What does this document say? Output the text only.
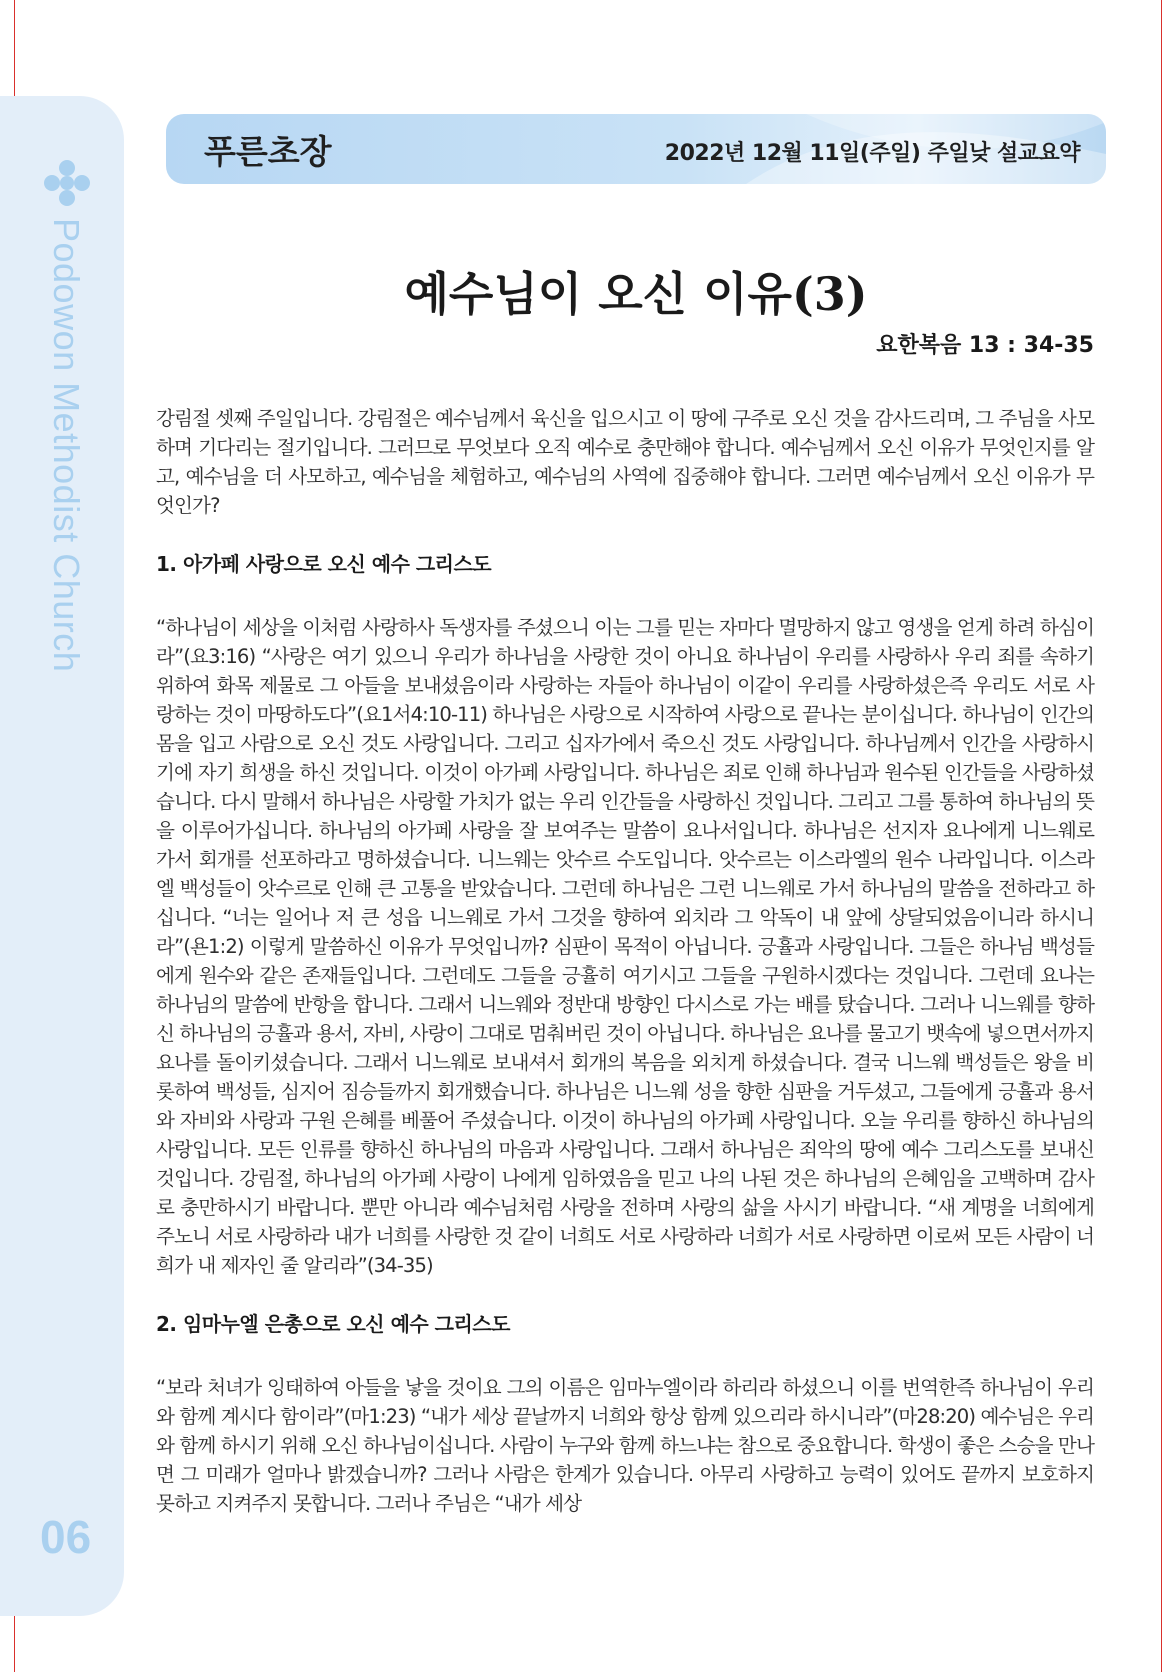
Podowon Methodist Church
06
푸른초장	2022년 12월 11일(주일) 주일낮 설교요약
예수님이 오신 이유(3)
요한복음 13 : 34-35

강림절 셋째 주일입니다. 강림절은 예수님께서 육신을 입으시고 이 땅에 구주로 오신 것을 감사드리며, 그 주님을 사모하며 기다리는 절기입니다. 그러므로 무엇보다 오직 예수로 충만해야 합니다. 예수님께서 오신 이유가 무엇인지를 알고, 예수님을 더 사모하고, 예수님을 체험하고, 예수님의 사역에 집중해야 합니다. 그러면 예수님께서 오신 이유가 무엇인가?

1. 아가페 사랑으로 오신 예수 그리스도

“하나님이 세상을 이처럼 사랑하사 독생자를 주셨으니 이는 그를 믿는 자마다 멸망하지 않고 영생을 얻게 하려 하심이라”(요3:16) “사랑은 여기 있으니 우리가 하나님을 사랑한 것이 아니요 하나님이 우리를 사랑하사 우리 죄를 속하기 위하여 화목 제물로 그 아들을 보내셨음이라 사랑하는 자들아 하나님이 이같이 우리를 사랑하셨은즉 우리도 서로 사랑하는 것이 마땅하도다”(요1서4:10-11) 하나님은 사랑으로 시작하여 사랑으로 끝나는 분이십니다. 하나님이 인간의 몸을 입고 사람으로 오신 것도 사랑입니다. 그리고 십자가에서 죽으신 것도 사랑입니다. 하나님께서 인간을 사랑하시기에 자기 희생을 하신 것입니다. 이것이 아가페 사랑입니다. 하나님은 죄로 인해 하나님과 원수된 인간들을 사랑하셨습니다. 다시 말해서 하나님은 사랑할 가치가 없는 우리 인간들을 사랑하신 것입니다. 그리고 그를 통하여 하나님의 뜻을 이루어가십니다. 하나님의 아가페 사랑을 잘 보여주는 말씀이 요나서입니다. 하나님은 선지자 요나에게 니느웨로 가서 회개를 선포하라고 명하셨습니다. 니느웨는 앗수르 수도입니다. 앗수르는 이스라엘의 원수 나라입니다. 이스라엘 백성들이 앗수르로 인해 큰 고통을 받았습니다. 그런데 하나님은 그런 니느웨로 가서 하나님의 말씀을 전하라고 하십니다. “너는 일어나 저 큰 성읍 니느웨로 가서 그것을 향하여 외치라 그 악독이 내 앞에 상달되었음이니라 하시니라”(욘1:2) 이렇게 말씀하신 이유가 무엇입니까? 심판이 목적이 아닙니다. 긍휼과 사랑입니다. 그들은 하나님 백성들에게 원수와 같은 존재들입니다. 그런데도 그들을 긍휼히 여기시고 그들을 구원하시겠다는 것입니다. 그런데 요나는 하나님의 말씀에 반항을 합니다. 그래서 니느웨와 정반대 방향인 다시스로 가는 배를 탔습니다. 그러나 니느웨를 향하신 하나님의 긍휼과 용서, 자비, 사랑이 그대로 멈춰버린 것이 아닙니다. 하나님은 요나를 물고기 뱃속에 넣으면서까지 요나를 돌이키셨습니다. 그래서 니느웨로 보내셔서 회개의 복음을 외치게 하셨습니다. 결국 니느웨 백성들은 왕을 비롯하여 백성들, 심지어 짐승들까지 회개했습니다. 하나님은 니느웨 성을 향한 심판을 거두셨고, 그들에게 긍휼과 용서와 자비와 사랑과 구원 은혜를 베풀어 주셨습니다. 이것이 하나님의 아가페 사랑입니다. 오늘 우리를 향하신 하나님의 사랑입니다. 모든 인류를 향하신 하나님의 마음과 사랑입니다. 그래서 하나님은 죄악의 땅에 예수 그리스도를 보내신 것입니다. 강림절, 하나님의 아가페 사랑이 나에게 임하였음을 믿고 나의 나된 것은 하나님의 은혜임을 고백하며 감사로 충만하시기 바랍니다. 뿐만 아니라 예수님처럼 사랑을 전하며 사랑의 삶을 사시기 바랍니다. “새 계명을 너희에게 주노니 서로 사랑하라 내가 너희를 사랑한 것 같이 너희도 서로 사랑하라 너희가 서로 사랑하면 이로써 모든 사람이 너희가 내 제자인 줄 알리라”(34-35)

2. 임마누엘 은총으로 오신 예수 그리스도

“보라 처녀가 잉태하여 아들을 낳을 것이요 그의 이름은 임마누엘이라 하리라 하셨으니 이를 번역한즉 하나님이 우리와 함께 계시다 함이라”(마1:23) “내가 세상 끝날까지 너희와 항상 함께 있으리라 하시니라”(마28:20) 예수님은 우리와 함께 하시기 위해 오신 하나님이십니다. 사람이 누구와 함께 하느냐는 참으로 중요합니다. 학생이 좋은 스승을 만나면 그 미래가 얼마나 밝겠습니까? 그러나 사람은 한계가 있습니다. 아무리 사랑하고 능력이 있어도 끝까지 보호하지 못하고 지켜주지 못합니다. 그러나 주님은 “내가 세상
